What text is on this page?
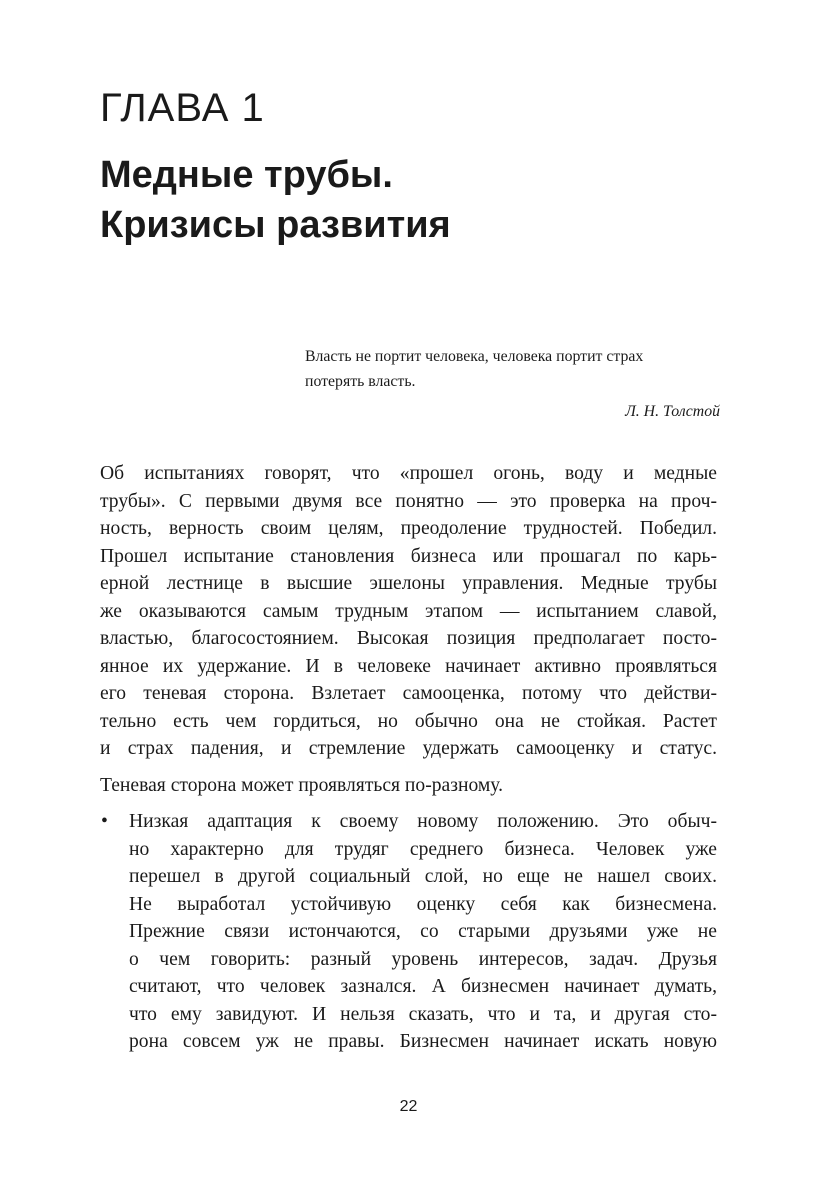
ГЛАВА 1
Медные трубы.
Кризисы развития
Власть не портит человека, человека портит страх
потерять власть.
Л. Н. Толстой
Об испытаниях говорят, что «прошел огонь, воду и медные
трубы». С первыми двумя все понятно — это проверка на проч-
ность, верность своим целям, преодоление трудностей. Победил.
Прошел испытание становления бизнеса или прошагал по карь-
ерной лестнице в высшие эшелоны управления. Медные трубы
же оказываются самым трудным этапом — испытанием славой,
властью, благосостоянием. Высокая позиция предполагает посто-
янное их удержание. И в человеке начинает активно проявляться
его теневая сторона. Взлетает самооценка, потому что действи-
тельно есть чем гордиться, но обычно она не стойкая. Растет
и страх падения, и стремление удержать самооценку и статус.
Теневая сторона может проявляться по-разному.
•	Низкая адаптация к своему новому положению. Это обыч-
но характерно для трудяг среднего бизнеса. Человек уже
перешел в другой социальный слой, но еще не нашел своих.
Не выработал устойчивую оценку себя как бизнесмена.
Прежние связи истончаются, со старыми друзьями уже не
о чем говорить: разный уровень интересов, задач. Друзья
считают, что человек зазнался. А бизнесмен начинает думать,
что ему завидуют. И нельзя сказать, что и та, и другая сто-
рона совсем уж не правы. Бизнесмен начинает искать новую
22
